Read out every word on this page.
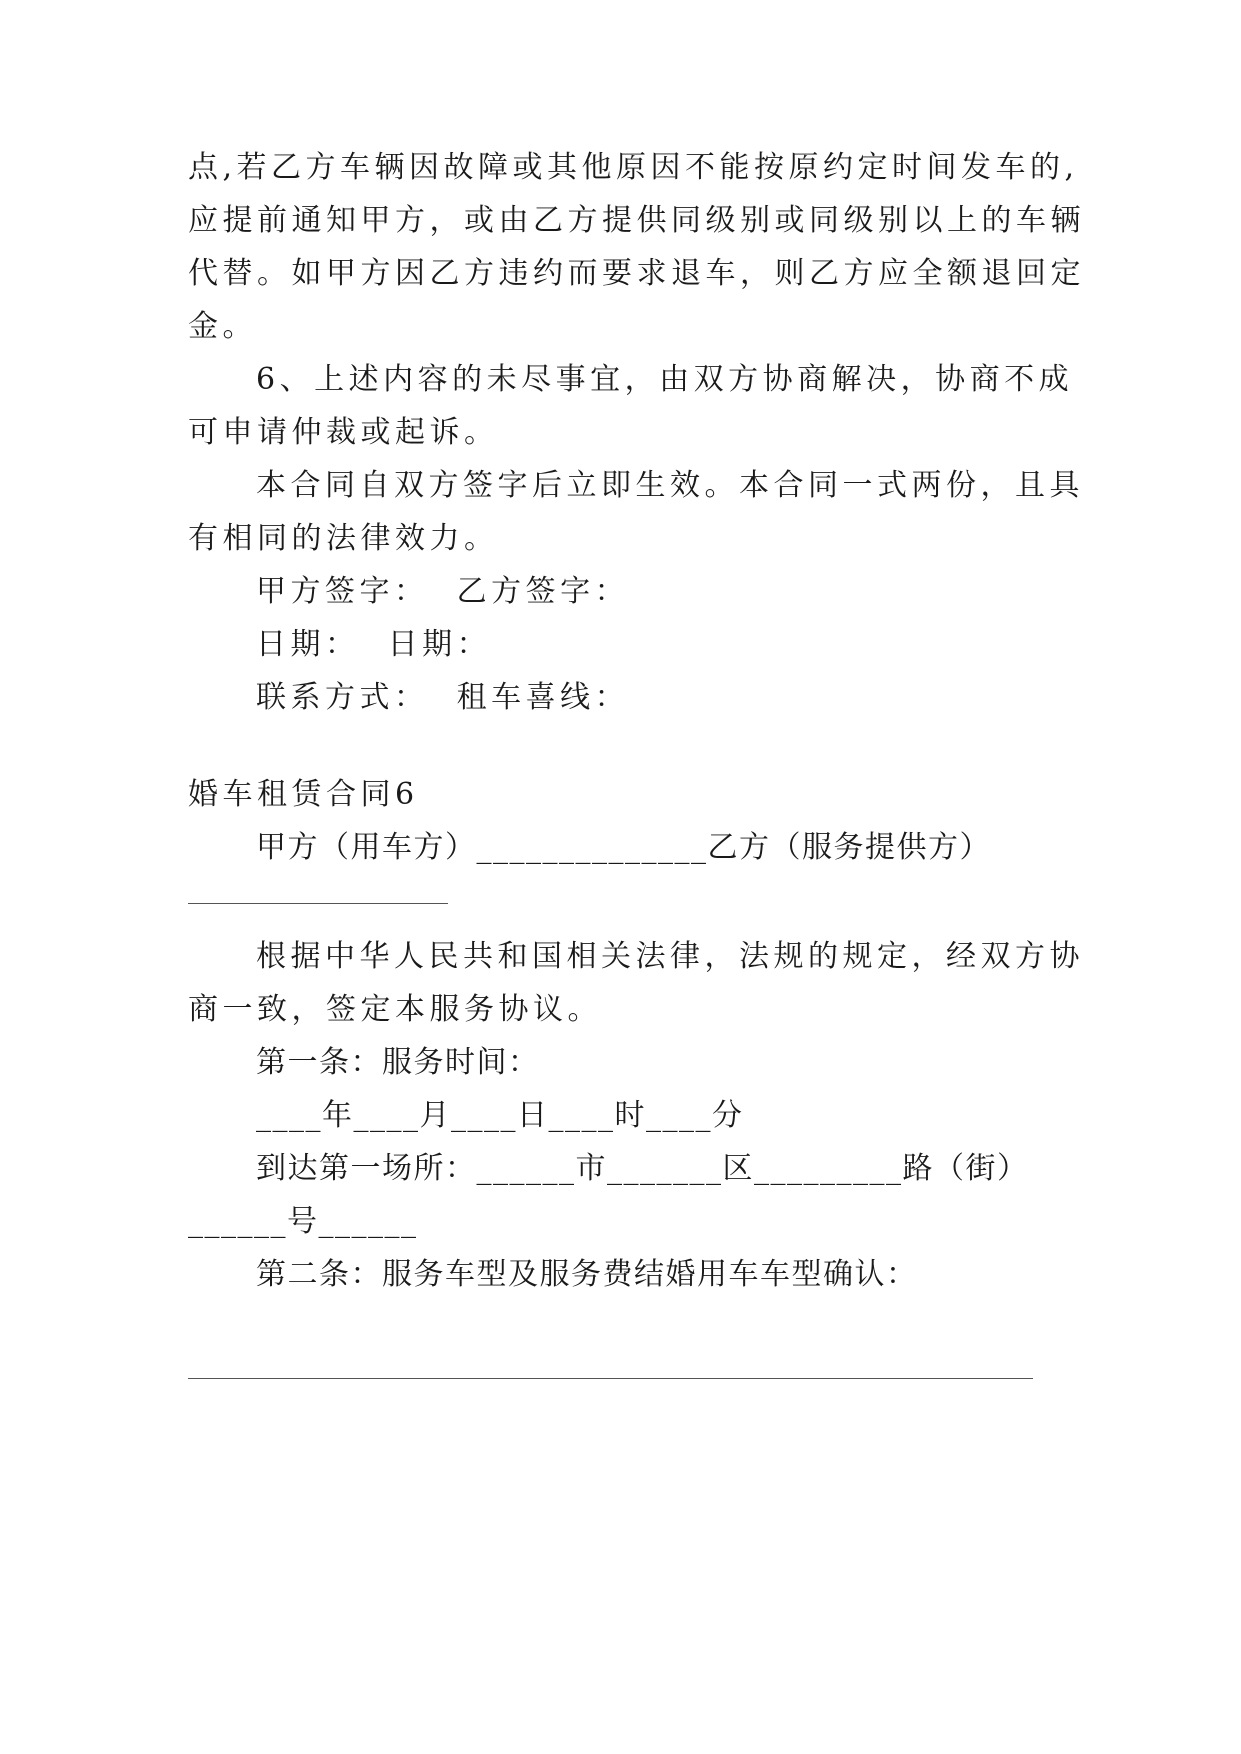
点,若乙方车辆因故障或其他原因不能按原约定时间发车的,
应提前通知甲方，或由乙方提供同级别或同级别以上的车辆
代替。如甲方因乙方违约而要求退车，则乙方应全额退回定
金。
6、上述内容的未尽事宜，由双方协商解决，协商不成
可申请仲裁或起诉。
本合同自双方签字后立即生效。本合同一式两份，且具
有相同的法律效力。
甲方签字：  乙方签字：
日期：  日期：
联系方式：  租车喜线：
婚车租赁合同6
甲方（用车方）______________乙方（服务提供方）
根据中华人民共和国相关法律，法规的规定，经双方协
商一致，签定本服务协议。
第一条：服务时间：
____年____月____日____时____分
到达第一场所：______市_______区_________路（街）
______号______
第二条：服务车型及服务费结婚用车车型确认：
